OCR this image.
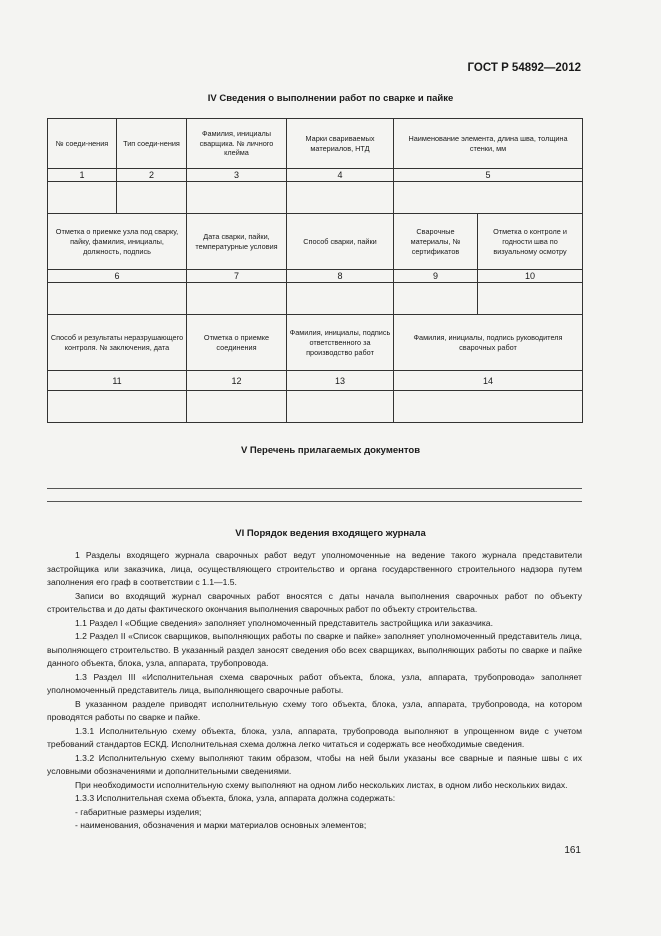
ГОСТ Р 54892—2012
IV Сведения о выполнении работ по сварке и пайке
№ соеди-нения	Тип соеди-нения	Фамилия, инициалы сварщика. № личного клейма	Марки свариваемых материалов, НТД	Наименование элемента, длина шва, толщина стенки, мм	
1	2	3	4	5	

Отметка о приемке узла под сварку, пайку, фамилия, инициалы, должность, подпись		Дата сварки, пайки, температурные условия	Способ сварки, пайки	Сварочные материалы, № сертификатов	Отметка о контроле и годности шва по визуальному осмотру
6		7	8	9	10

Способ и результаты неразрушающего контроля. № заключения, дата		Отметка о приемке соединения	Фамилия, инициалы, подпись ответственного за производство работ	Фамилия, инициалы, подпись руководителя сварочных работ	
11		12	13	14	

V Перечень прилагаемых документов
VI Порядок ведения входящего журнала

1 Разделы входящего журнала сварочных работ ведут уполномоченные на ведение такого журнала представители застройщика или заказчика, лица, осуществляющего строительство и органа государственного строительного надзора путем заполнения его граф в соответствии с 1.1—1.5.

Записи во входящий журнал сварочных работ вносятся с даты начала выполнения сварочных работ по объекту строительства и до даты фактического окончания выполнения сварочных работ по объекту строительства.

1.1 Раздел I «Общие сведения» заполняет уполномоченный представитель застройщика или заказчика.

1.2 Раздел II «Список сварщиков, выполняющих работы по сварке и пайке» заполняет уполномоченный представитель лица, выполняющего строительство. В указанный раздел заносят сведения обо всех сварщиках, выполняющих работы по сварке и пайке данного объекта, блока, узла, аппарата, трубопровода.

1.3 Раздел III «Исполнительная схема сварочных работ объекта, блока, узла, аппарата, трубопровода» заполняет уполномоченный представитель лица, выполняющего сварочные работы.

В указанном разделе приводят исполнительную схему того объекта, блока, узла, аппарата, трубопровода, на котором проводятся работы по сварке и пайке.

1.3.1 Исполнительную схему объекта, блока, узла, аппарата, трубопровода выполняют в упрощенном виде с учетом требований стандартов ЕСКД. Исполнительная схема должна легко читаться и содержать все необходимые сведения.

1.3.2 Исполнительную схему выполняют таким образом, чтобы на ней были указаны все сварные и паяные швы с их условными обозначениями и дополнительными сведениями.

При необходимости исполнительную схему выполняют на одном либо нескольких листах, в одном либо нескольких видах.

1.3.3 Исполнительная схема объекта, блока, узла, аппарата должна содержать:

- габаритные размеры изделия;

- наименования, обозначения и марки материалов основных элементов;

161
